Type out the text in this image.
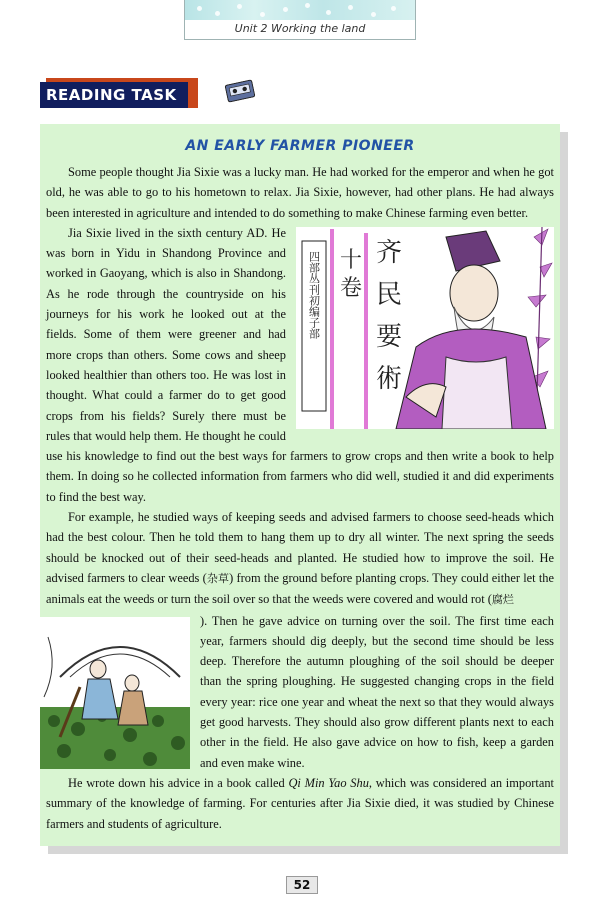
Unit 2 Working the land
READING TASK
AN EARLY FARMER PIONEER

Some people thought Jia Sixie was a lucky man. He had worked for the emperor and when he got old, he was able to go to his hometown to relax. Jia Sixie, however, had other plans. He had always been interested in agriculture and intended to do something to make Chinese farming even better.

四部丛刊初编子部 十
卷
齐
民
要
術

Jia Sixie lived in the sixth century AD. He was born in Yidu in Shandong Province and worked in Gaoyang, which is also in Shandong. As he rode through the countryside on his journeys for his work he looked out at the fields. Some of them were greener and had more crops than others. Some cows and sheep looked healthier than others too. He was lost in thought. What could a farmer do to get good crops from his fields? Surely there must be rules that would help them. He thought he could use his knowledge to find out the best ways for farmers to grow crops and then write a book to help them. In doing so he collected information from farmers who did well, studied it and did experiments to find the best way.

For example, he studied ways of keeping seeds and advised farmers to choose seed-heads which had the best colour. Then he told them to hang them up to dry all winter. The next spring the seeds should be knocked out of their seed-heads and planted. He studied how to improve the soil. He advised farmers to clear weeds (杂草) from the ground before planting crops. They could either let the animals eat the weeds or turn the soil over so that the weeds were covered and would rot (腐烂

). Then he gave advice on turning over the soil. The first time each year, farmers should dig deeply, but the second time should be less deep. Therefore the autumn ploughing of the soil should be deeper than the spring ploughing. He suggested changing crops in the field every year: rice one year and wheat the next so that they would always get good harvests. They should also grow different plants next to each other in the field. He also gave advice on how to fish, keep a garden and even make wine.

He wrote down his advice in a book called Qi Min Yao Shu, which was considered an important summary of the knowledge of farming. For centuries after Jia Sixie died, it was studied by Chinese farmers and students of agriculture.

52
